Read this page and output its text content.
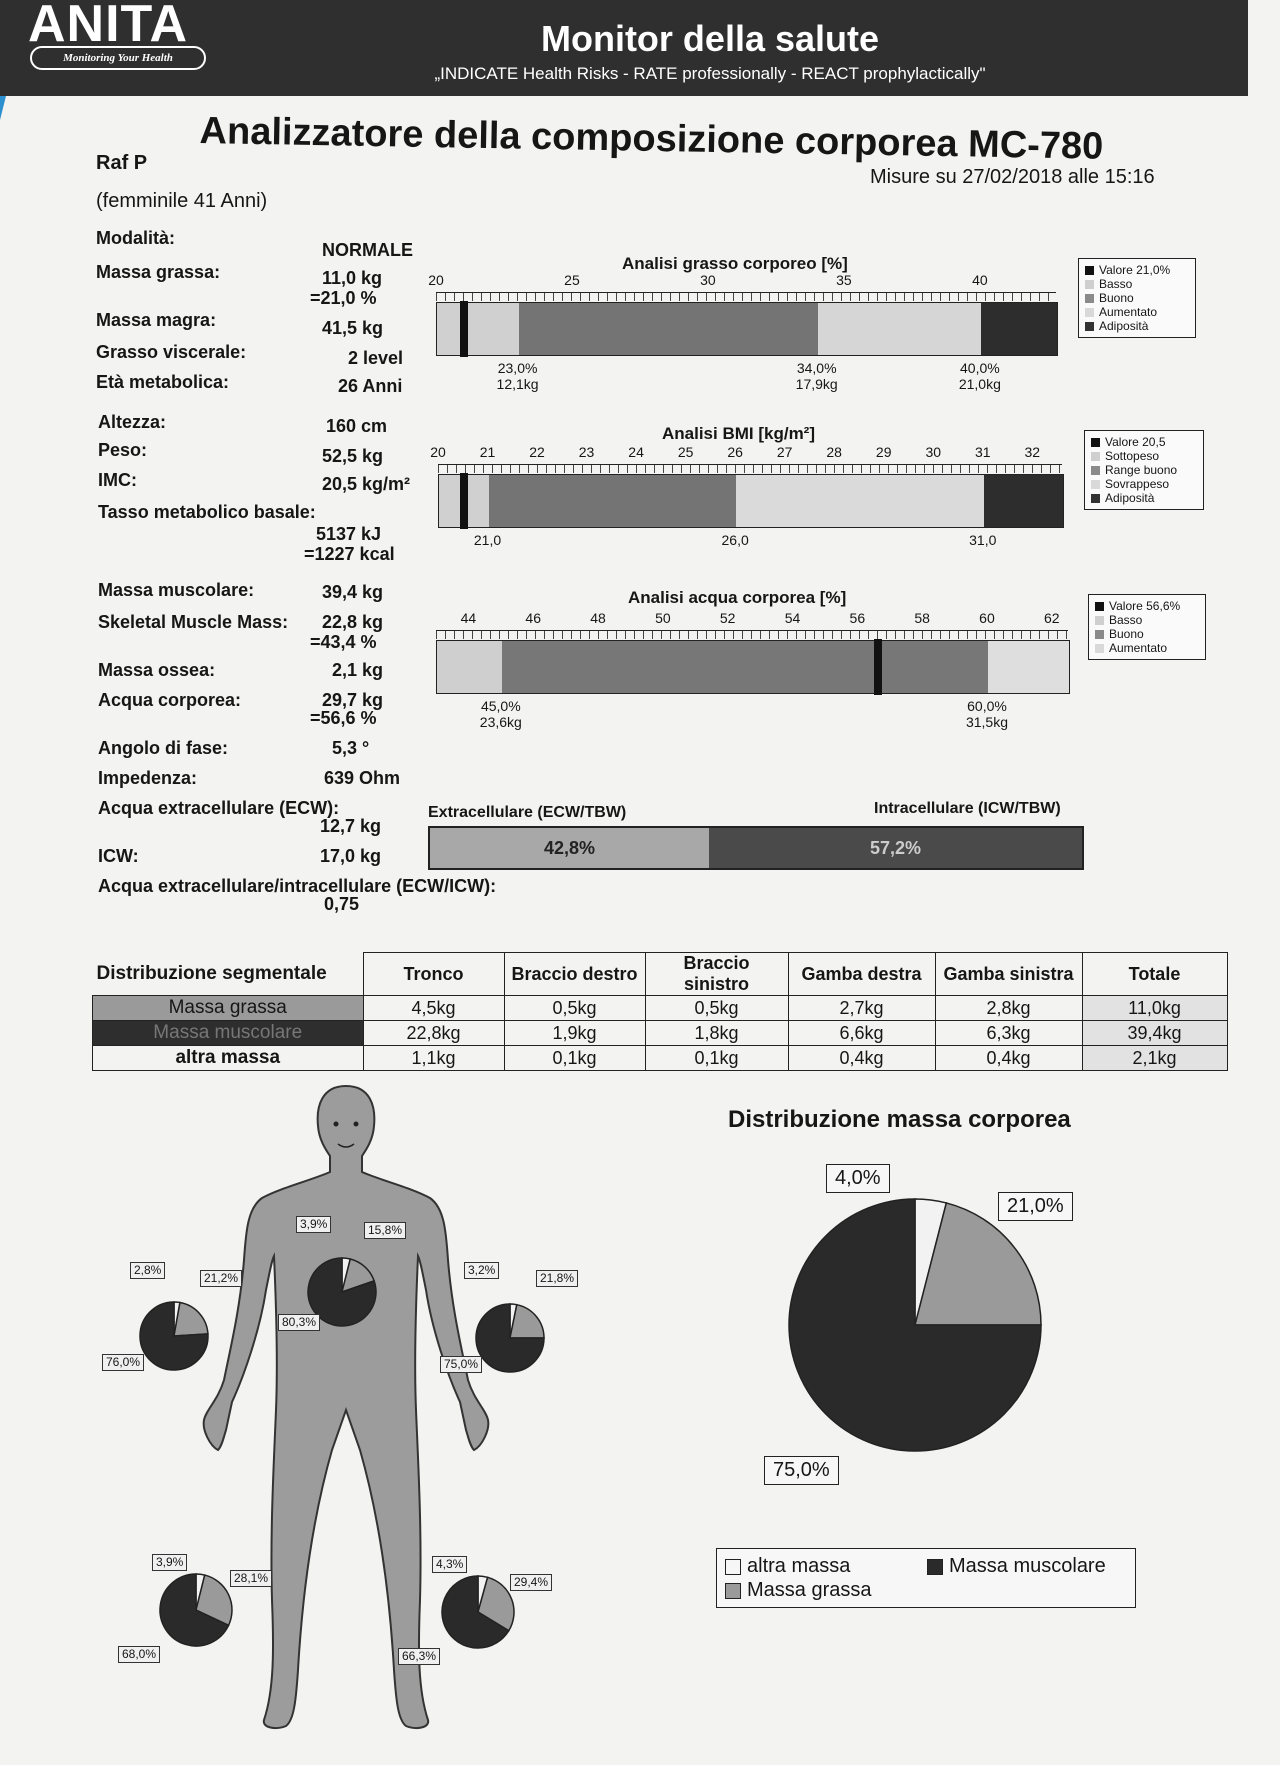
ANITA
Monitoring Your Health	Monitor della salute
„INDICATE Health Risks - RATE professionally - REACT prophylactically"
Analizzatore della composizione corporea MC-780
Raf P
(femminile 41 Anni)
Misure su 27/02/2018 alle 15:16
Modalità:
NORMALE
Massa grassa:	11,0 kg
=21,0 %
Massa magra:	41,5 kg
Grasso viscerale:	2 level
Età metabolica:	26 Anni
Altezza:	160 cm
Peso:	52,5 kg
IMC:	20,5 kg/m²
Tasso metabolico basale:
5137 kJ
=1227 kcal
Massa muscolare:	39,4 kg
Skeletal Muscle Mass: 22,8 kg
=43,4 %
Massa ossea:	2,1 kg
Acqua corporea:	29,7 kg
=56,6 %
Angolo di fase:	5,3 °
Impedenza:	639 Ohm
Acqua extracellulare (ECW):
12,7 kg
ICW:	17,0 kg
Acqua extracellulare/intracellulare (ECW/ICW):
0,75
Analisi grasso corporeo [%]
20	25	30	35	40
23,0%
12,1kg
34,0%
17,9kg
40,0%
21,0kg
Valore 21,0%
Basso
Buono
Aumentato
Adiposità
Analisi BMI [kg/m²]
20 21 22 23 24 25 26 27 28 29 30 31 32
21,0	26,0	31,0
Valore 20,5
Sottopeso
Range buono
Sovrappeso
Adiposità
Analisi acqua corporea [%]
44	46	48	50	52	54	56	58	60	62
45,0%
23,6kg
60,0%
31,5kg
Valore 56,6%
Basso
Buono
Aumentato
Extracellulare (ECW/TBW)	Intracellulare (ICW/TBW)
42,8%	57,2%
Distribuzione segmentale	Tronco	Braccio destro	Braccio sinistro	Gamba destra	Gamba sinistra	Totale
Massa grassa	4,5kg	0,5kg	0,5kg	2,7kg	2,8kg	11,0kg
Massa muscolare	22,8kg	1,9kg	1,8kg	6,6kg	6,3kg	39,4kg
altra massa	1,1kg	0,1kg	0,1kg	0,4kg	0,4kg	2,1kg
3,9%	15,8%
80,3%
2,8%
21,2%
76,0%
3,2%
21,8%
75,0%
3,9%
28,1%
68,0%
4,3%
29,4%
66,3%
Distribuzione massa corporea
4,0%
21,0%
75,0%
altra massa
Massa grassa
Massa muscolare
